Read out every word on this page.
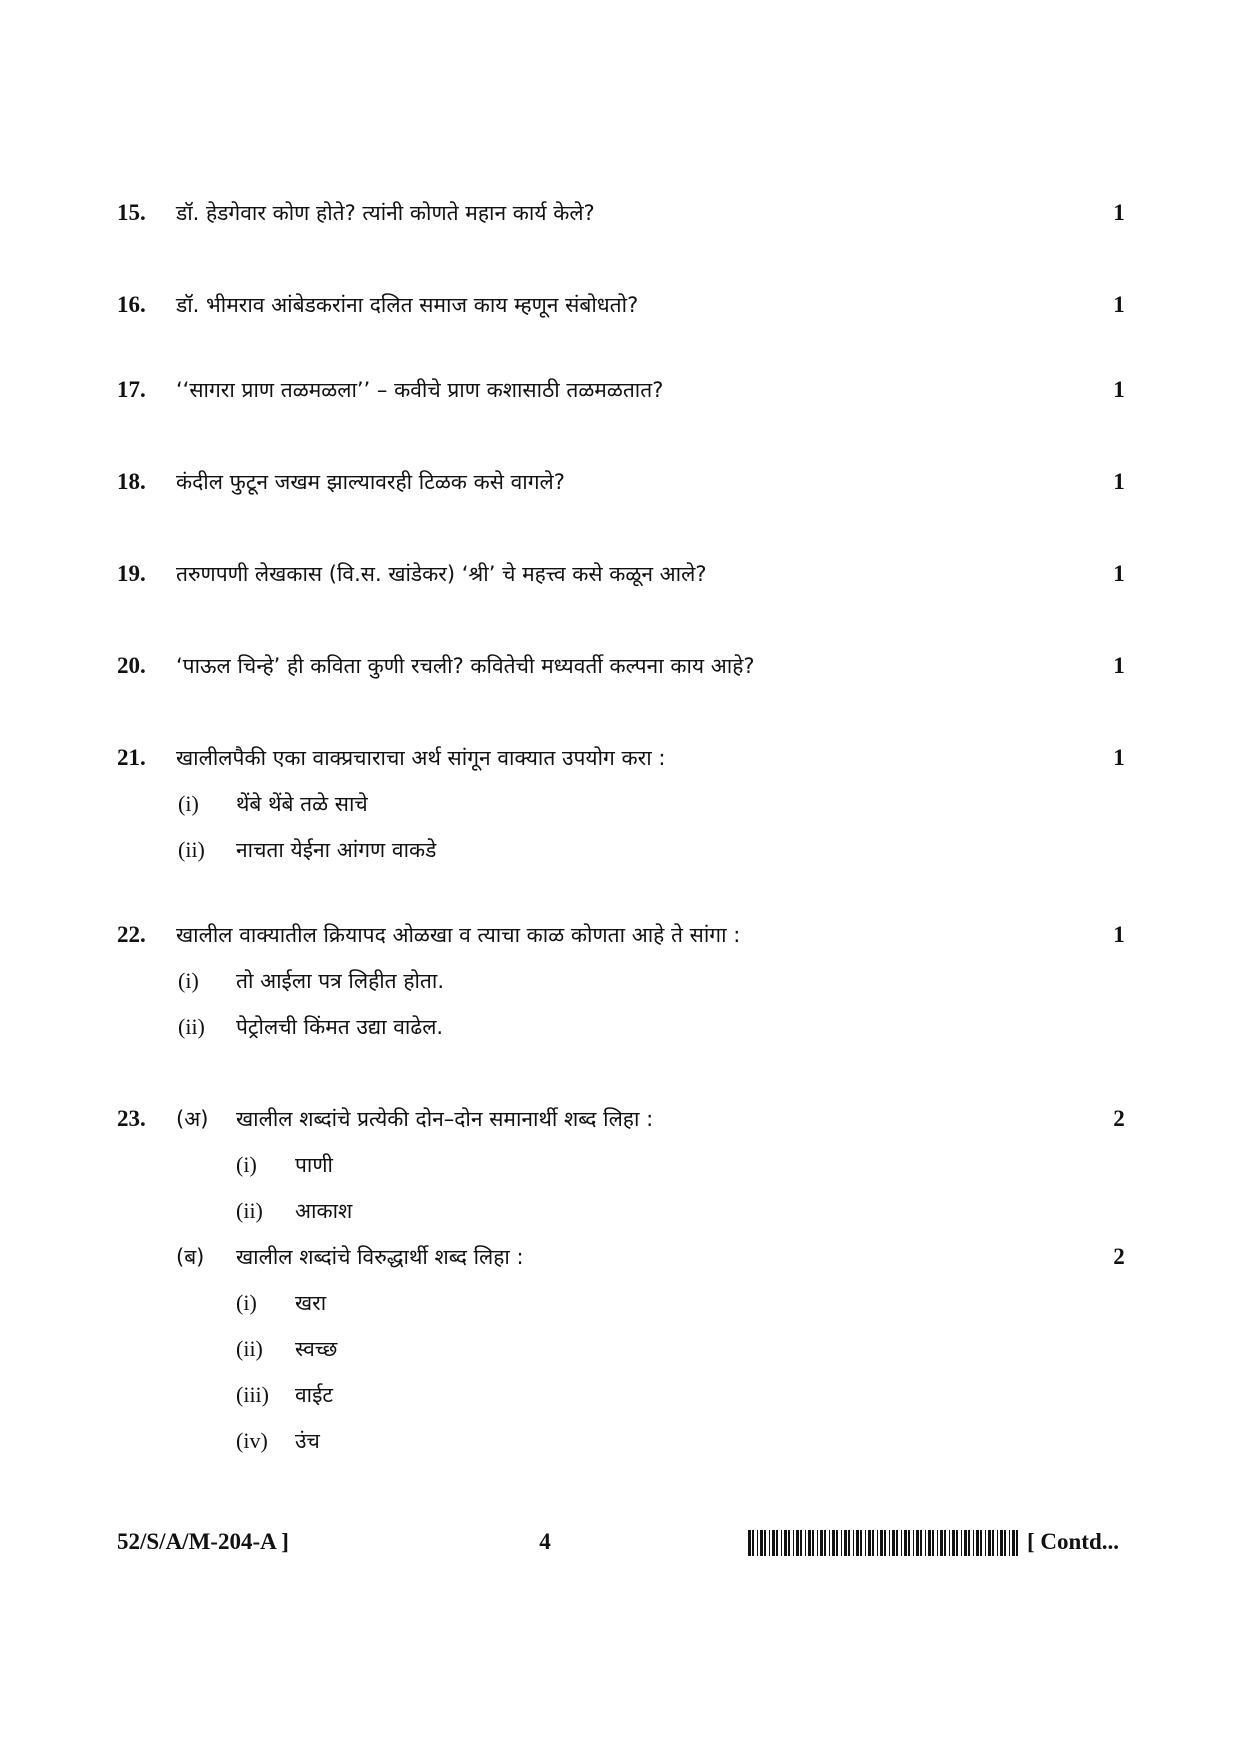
15. डॉ. हेडगेवार कोण होते? त्यांनी कोणते महान कार्य केले?	1
16. डॉ. भीमराव आंबेडकरांना दलित समाज काय म्हणून संबोधतो?	1
17. ‘‘सागरा प्राण तळमळला’’ – कवीचे प्राण कशासाठी तळमळतात?	1
18. कंदील फुटून जखम झाल्यावरही टिळक कसे वागले?	1
19. तरुणपणी लेखकास (वि.स. खांडेकर) ‘श्री’ चे महत्त्व कसे कळून आले?	1
20. ‘पाऊल चिन्हे’ ही कविता कुणी रचली? कवितेची मध्यवर्ती कल्पना काय आहे?	1
21. खालीलपैकी एका वाक्प्रचाराचा अर्थ सांगून वाक्यात उपयोग करा :	1
(i) थेंबे थेंबे तळे साचे
(ii) नाचता येईना आंगण वाकडे
22. खालील वाक्यातील क्रियापद ओळखा व त्याचा काळ कोणता आहे ते सांगा :	1
(i) तो आईला पत्र लिहीत होता.
(ii) पेट्रोलची किंमत उद्या वाढेल.
23. (अ) खालील शब्दांचे प्रत्येकी दोन–दोन समानार्थी शब्द लिहा :	2
(i) पाणी
(ii) आकाश
(ब) खालील शब्दांचे विरुद्धार्थी शब्द लिहा :	2
(i) खरा
(ii) स्वच्छ
(iii) वाईट
(iv) उंच
52/S/A/M-204-A ]	4	[ Contd...
